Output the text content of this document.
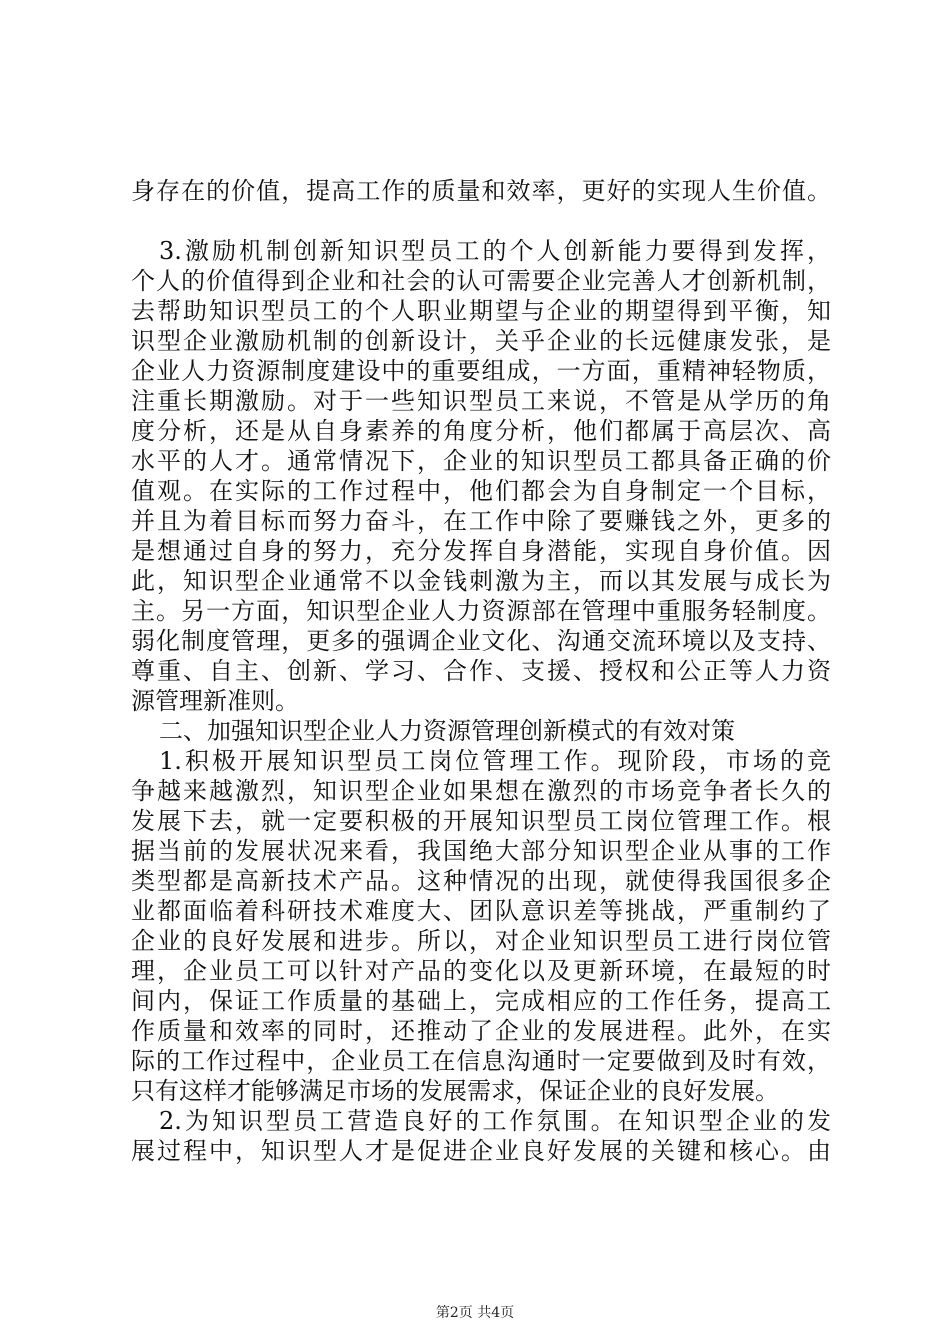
身存在的价值，提高工作的质量和效率，更好的实现人生价值。
3.激励机制创新知识型员工的个人创新能力要得到发挥，
个人的价值得到企业和社会的认可需要企业完善人才创新机制，
去帮助知识型员工的个人职业期望与企业的期望得到平衡，知
识型企业激励机制的创新设计，关乎企业的长远健康发张，是
企业人力资源制度建设中的重要组成，一方面，重精神轻物质，
注重长期激励。对于一些知识型员工来说，不管是从学历的角
度分析，还是从自身素养的角度分析，他们都属于高层次、高
水平的人才。通常情况下，企业的知识型员工都具备正确的价
值观。在实际的工作过程中，他们都会为自身制定一个目标，
并且为着目标而努力奋斗，在工作中除了要赚钱之外，更多的
是想通过自身的努力，充分发挥自身潜能，实现自身价值。因
此，知识型企业通常不以金钱刺激为主，而以其发展与成长为
主。另一方面，知识型企业人力资源部在管理中重服务轻制度。
弱化制度管理，更多的强调企业文化、沟通交流环境以及支持、
尊重、自主、创新、学习、合作、支援、授权和公正等人力资
源管理新准则。
二、加强知识型企业人力资源管理创新模式的有效对策
1.积极开展知识型员工岗位管理工作。现阶段，市场的竞
争越来越激烈，知识型企业如果想在激烈的市场竞争者长久的
发展下去，就一定要积极的开展知识型员工岗位管理工作。根
据当前的发展状况来看，我国绝大部分知识型企业从事的工作
类型都是高新技术产品。这种情况的出现，就使得我国很多企
业都面临着科研技术难度大、团队意识差等挑战，严重制约了
企业的良好发展和进步。所以，对企业知识型员工进行岗位管
理，企业员工可以针对产品的变化以及更新环境，在最短的时
间内，保证工作质量的基础上，完成相应的工作任务，提高工
作质量和效率的同时，还推动了企业的发展进程。此外，在实
际的工作过程中，企业员工在信息沟通时一定要做到及时有效，
只有这样才能够满足市场的发展需求，保证企业的良好发展。
2.为知识型员工营造良好的工作氛围。在知识型企业的发
展过程中，知识型人才是促进企业良好发展的关键和核心。由
第2页 共4页
